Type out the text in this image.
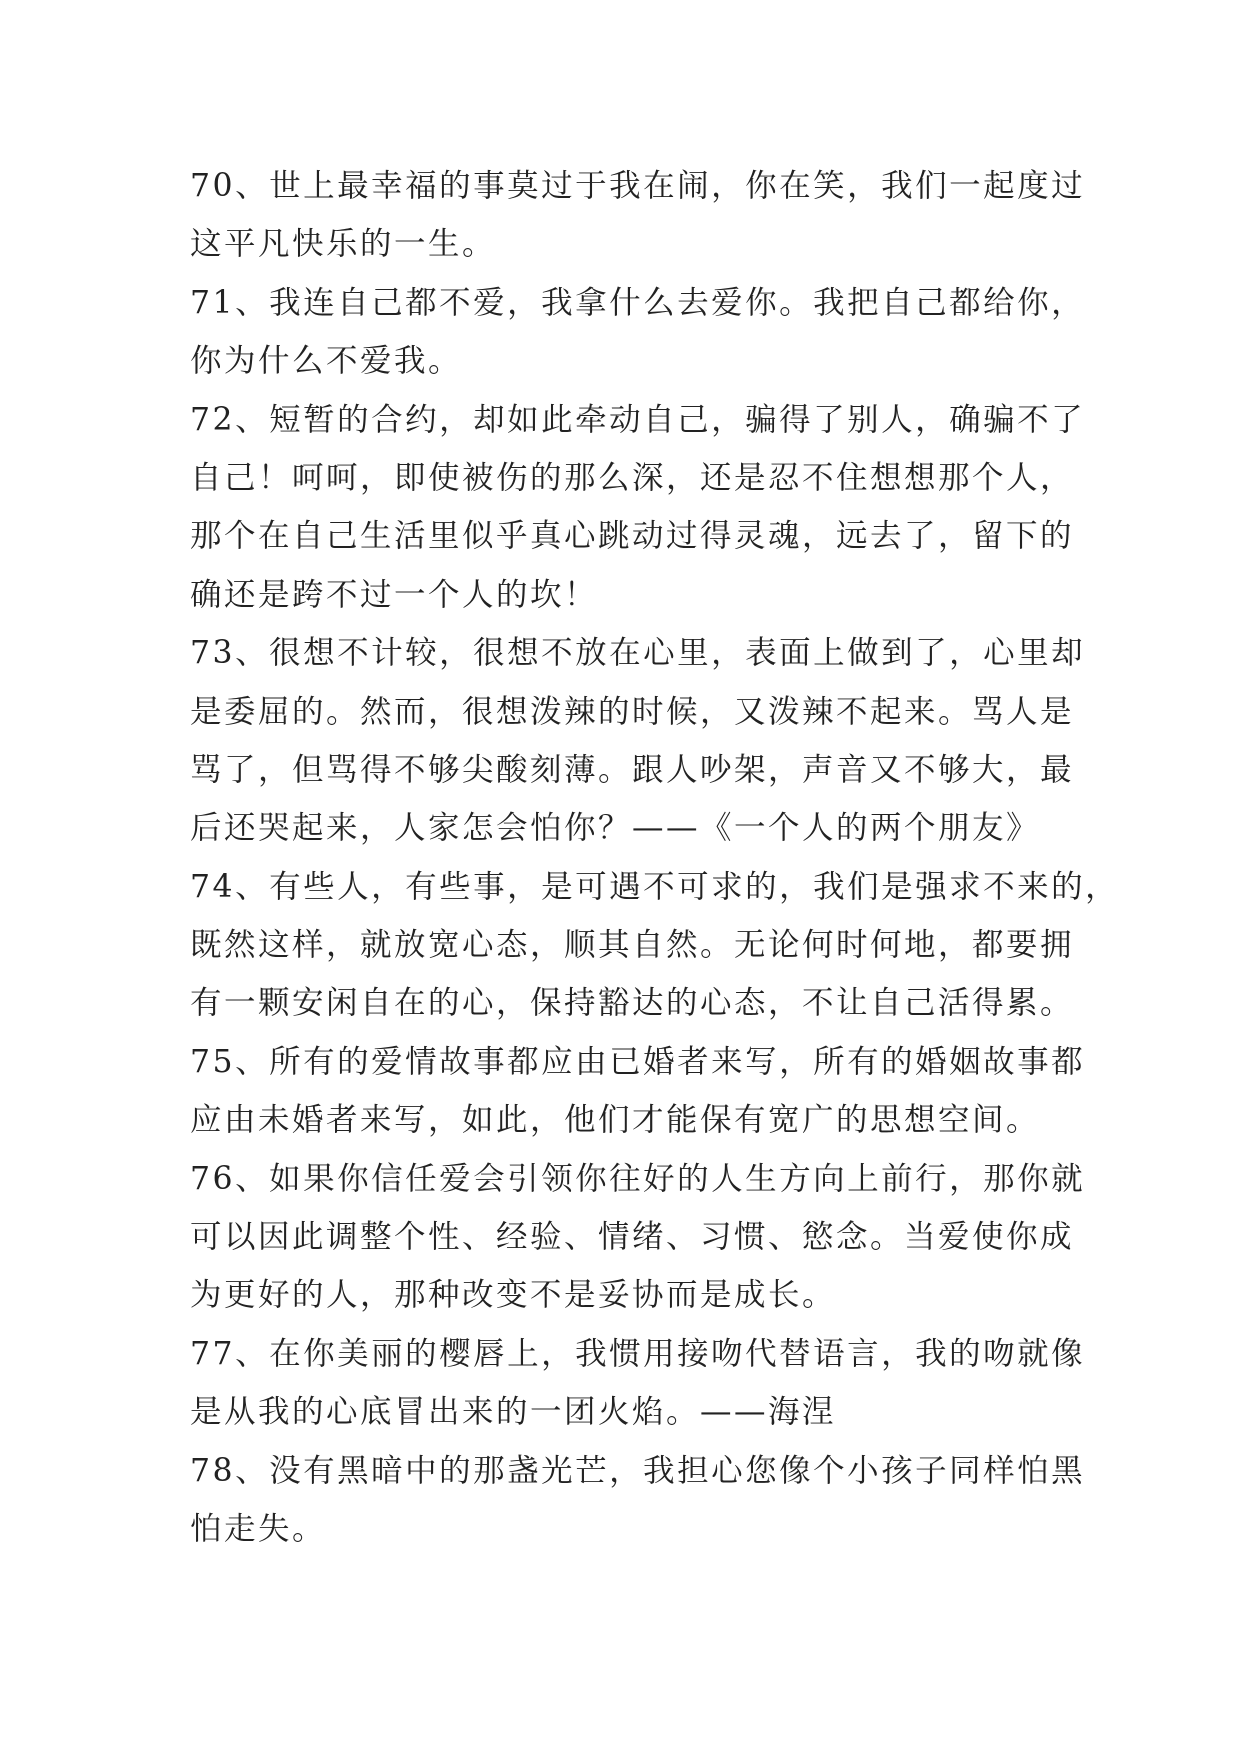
70、世上最幸福的事莫过于我在闹，你在笑，我们一起度过
这平凡快乐的一生。
71、我连自己都不爱，我拿什么去爱你。我把自己都给你，
你为什么不爱我。
72、短暂的合约，却如此牵动自己，骗得了别人，确骗不了
自己！呵呵，即使被伤的那么深，还是忍不住想想那个人，
那个在自己生活里似乎真心跳动过得灵魂，远去了，留下的
确还是跨不过一个人的坎！
73、很想不计较，很想不放在心里，表面上做到了，心里却
是委屈的。然而，很想泼辣的时候，又泼辣不起来。骂人是
骂了，但骂得不够尖酸刻薄。跟人吵架，声音又不够大，最
后还哭起来，人家怎会怕你？——《一个人的两个朋友》
74、有些人，有些事，是可遇不可求的，我们是强求不来的，
既然这样，就放宽心态，顺其自然。无论何时何地，都要拥
有一颗安闲自在的心，保持豁达的心态，不让自己活得累。
75、所有的爱情故事都应由已婚者来写，所有的婚姻故事都
应由未婚者来写，如此，他们才能保有宽广的思想空间。
76、如果你信任爱会引领你往好的人生方向上前行，那你就
可以因此调整个性、经验、情绪、习惯、慾念。当爱使你成
为更好的人，那种改变不是妥协而是成长。
77、在你美丽的樱唇上，我惯用接吻代替语言，我的吻就像
是从我的心底冒出来的一团火焰。——海涅
78、没有黑暗中的那盏光芒，我担心您像个小孩子同样怕黑
怕走失。
